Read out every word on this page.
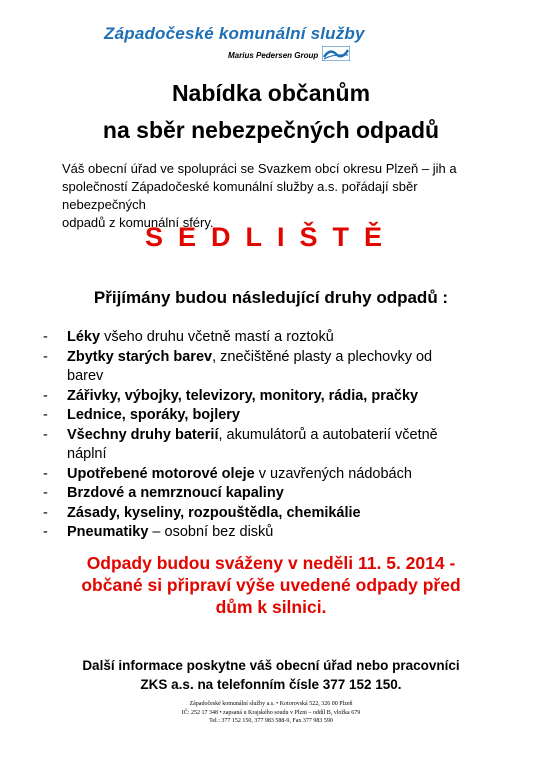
Západočeské komunální služby
Marius Pedersen Group
Nabídka občanům
na sběr nebezpečných odpadů
Váš obecní úřad ve spolupráci se Svazkem obcí okresu Plzeň – jih a
společností Západočeské komunální služby a.s. pořádají sběr nebezpečných
odpadů z komunální sféry.
SEDLIŠTĚ
Přijímány budou následující druhy odpadů :
- Léky všeho druhu včetně mastí a roztoků
- Zbytky starých barev, znečištěné plasty a plechovky od
barev
- Zářivky, výbojky, televizory, monitory, rádia, pračky
- Lednice, sporáky, bojlery
- Všechny druhy baterií, akumulátorů a autobaterií včetně
náplní
- Upotřebené motorové oleje v uzavřených nádobách
- Brzdové a nemrznoucí kapaliny
- Zásady, kyseliny, rozpouštědla, chemikálie
- Pneumatiky – osobní bez disků
Odpady budou sváženy v neděli 11. 5. 2014 -
občané si připraví výše uvedené odpady před
dům k silnici.
Další informace poskytne váš obecní úřad nebo pracovníci
ZKS a.s. na telefonním čísle 377 152 150.
Západočeské komunální služby a.s. • Kotorovská 522, 326 00 Plzeň
IČ: 252 17 348 • zapsaná u Krajského soudu v Plzni – oddíl B, vložka 679
Tel.: 377 152 150, 377 983 588-9, Fax 377 983 590
